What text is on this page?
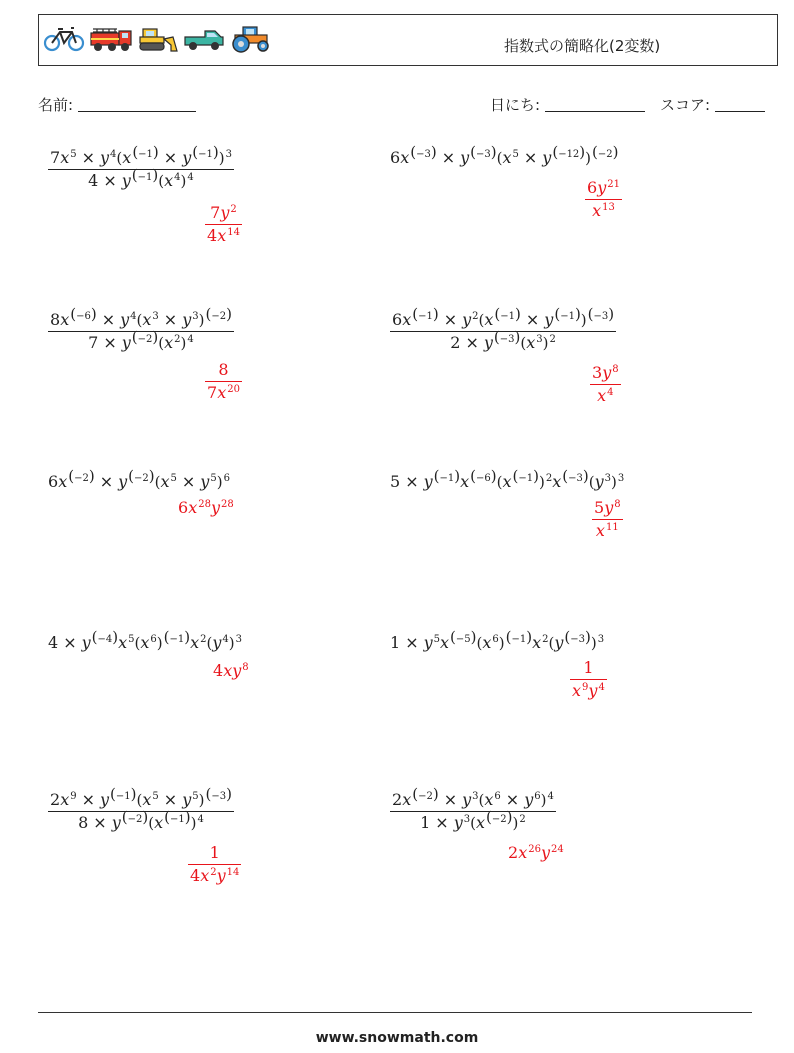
指数式の簡略化(2変数)
名前:	日にち:	スコア:
$\frac{7x^5 \times y^4(x^{(-1)} \times y^{(-1)})^3}{4 \times y^{(-1)}(x^4)^4}$
$\frac{7y^2}{4x^{14}}$
$6x^{(-3)} \times y^{(-3)}(x^5 \times y^{(-12)})^{(-2)}$
$\frac{6y^{21}}{x^{13}}$
$\frac{8x^{(-6)} \times y^4(x^3 \times y^3)^{(-2)}}{7 \times y^{(-2)}(x^2)^4}$
$\frac{8}{7x^{20}}$
$\frac{6x^{(-1)} \times y^2(x^{(-1)} \times y^{(-1)})^{(-3)}}{2 \times y^{(-3)}(x^3)^2}$
$\frac{3y^8}{x^4}$
$6x^{(-2)} \times y^{(-2)}(x^5 \times y^5)^6$
$6x^{28}y^{28}$
$5 \times y^{(-1)}x^{(-6)}(x^{(-1)})^2x^{(-3)}(y^3)^3$
$\frac{5y^8}{x^{11}}$
$4 \times y^{(-4)}x^5(x^6)^{(-1)}x^2(y^4)^3$
$4xy^8$
$1 \times y^5x^{(-5)}(x^6)^{(-1)}x^2(y^{(-3)})^3$
$\frac{1}{x^9y^4}$
$\frac{2x^9 \times y^{(-1)}(x^5 \times y^5)^{(-3)}}{8 \times y^{(-2)}(x^{(-1)})^4}$
$\frac{1}{4x^2y^{14}}$
$\frac{2x^{(-2)} \times y^3(x^6 \times y^6)^4}{1 \times y^3(x^{(-2)})^2}$
$2x^{26}y^{24}$
www.snowmath.com
